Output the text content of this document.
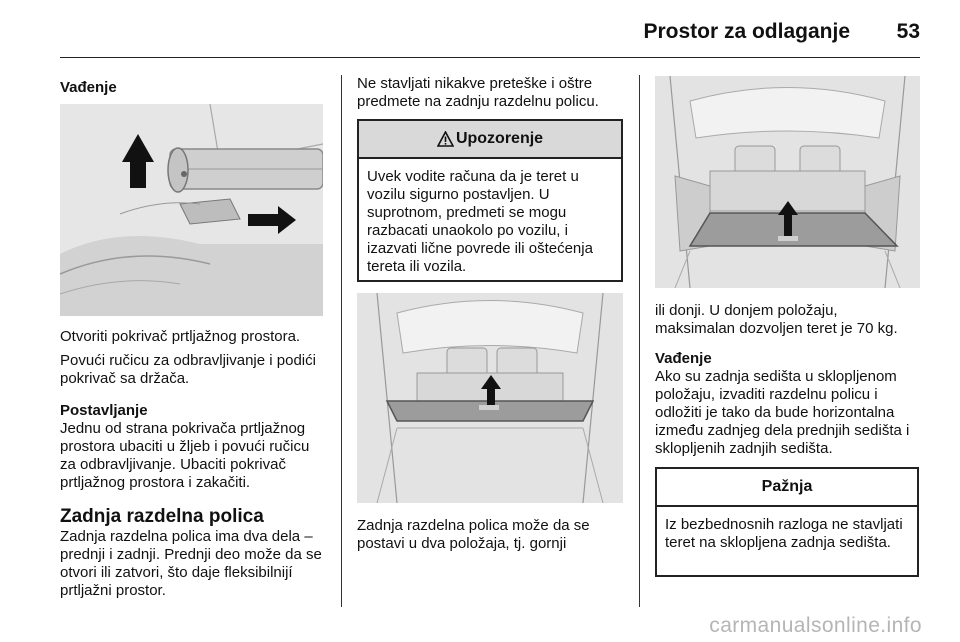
Prostor za odlaganje 53
Vađenje

Otvoriti pokrivač prtljažnog prostora.

Povući ručicu za odbravljivanje i podići pokrivač sa držača.

Postavljanje

Jednu od strana pokrivača prtljažnog prostora ubaciti u žljeb i povući ručicu za odbravljivanje. Ubaciti pokrivač prtljažnog prostora i zakačiti.

Zadnja razdelna polica

Zadnja razdelna polica ima dva dela – prednji i zadnji. Prednji deo može da se otvori ili zatvori, što daje fleksibilnijí prtljažni prostor.

Ne stavljati nikakve preteške i oštre predmete na zadnju razdelnu policu.

Upozorenje
Uvek vodite računa da je teret u vozilu sigurno postavljen. U suprotnom, predmeti se mogu razbacati unaokolo po vozilu, i izazvati lične povrede ili oštećenja tereta ili vozila.

Zadnja razdelna polica može da se postavi u dva položaja, tj. gornji

ili donji. U donjem položaju, maksimalan dozvoljen teret je 70 kg.

Vađenje

Ako su zadnja sedišta u sklopljenom položaju, izvaditi razdelnu policu i odložiti je tako da bude horizontalna između zadnjeg dela prednjih sedišta i sklopljenih zadnjih sedišta.

Pažnja
Iz bezbednosnih razloga ne stavljati teret na sklopljena zadnja sedišta.
carmanualsonline.info
